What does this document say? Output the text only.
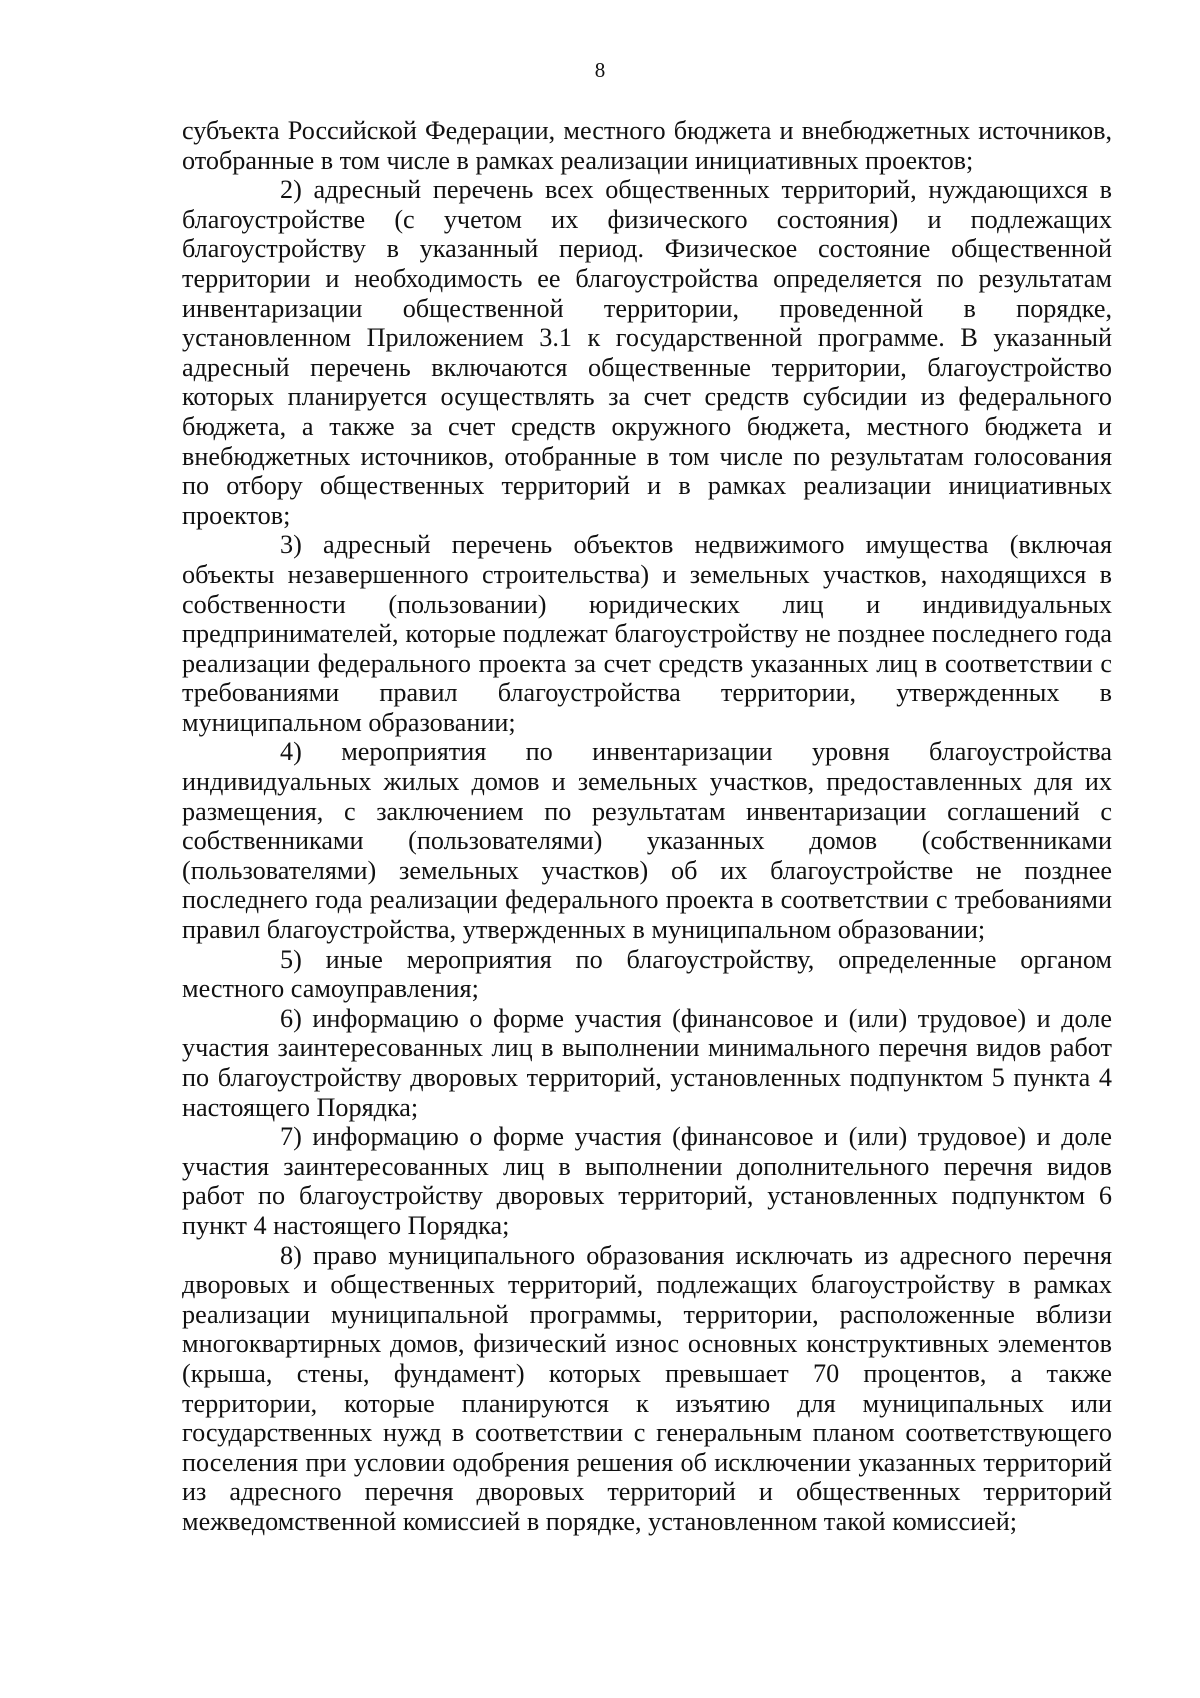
8

субъекта Российской Федерации, местного бюджета и внебюджетных источников, отобранные в том числе в рамках реализации инициативных проектов;

2) адресный перечень всех общественных территорий, нуждающихся в благоустройстве (с учетом их физического состояния) и подлежащих благоустройству в указанный период. Физическое состояние общественной территории и необходимость ее благоустройства определяется по результатам инвентаризации общественной территории, проведенной в порядке, установленном Приложением 3.1 к государственной программе. В указанный адресный перечень включаются общественные территории, благоустройство которых планируется осуществлять за счет средств субсидии из федерального бюджета, а также за счет средств окружного бюджета, местного бюджета и внебюджетных источников, отобранные в том числе по результатам голосования по отбору общественных территорий и в рамках реализации инициативных проектов;

3) адресный перечень объектов недвижимого имущества (включая объекты незавершенного строительства) и земельных участков, находящихся в собственности (пользовании) юридических лиц и индивидуальных предпринимателей, которые подлежат благоустройству не позднее последнего года реализации федерального проекта за счет средств указанных лиц в соответствии с требованиями правил благоустройства территории, утвержденных в муниципальном образовании;

4) мероприятия по инвентаризации уровня благоустройства индивидуальных жилых домов и земельных участков, предоставленных для их размещения, с заключением по результатам инвентаризации соглашений с собственниками (пользователями) указанных домов (собственниками (пользователями) земельных участков) об их благоустройстве не позднее последнего года реализации федерального проекта в соответствии с требованиями правил благоустройства, утвержденных в муниципальном образовании;

5) иные мероприятия по благоустройству, определенные органом местного самоуправления;

6) информацию о форме участия (финансовое и (или) трудовое) и доле участия заинтересованных лиц в выполнении минимального перечня видов работ по благоустройству дворовых территорий, установленных подпунктом 5 пункта 4 настоящего Порядка;

7) информацию о форме участия (финансовое и (или) трудовое) и доле участия заинтересованных лиц в выполнении дополнительного перечня видов работ по благоустройству дворовых территорий, установленных подпунктом 6 пункт 4 настоящего Порядка;

8) право муниципального образования исключать из адресного перечня дворовых и общественных территорий, подлежащих благоустройству в рамках реализации муниципальной программы, территории, расположенные вблизи многоквартирных домов, физический износ основных конструктивных элементов (крыша, стены, фундамент) которых превышает 70 процентов, а также территории, которые планируются к изъятию для муниципальных или государственных нужд в соответствии с генеральным планом соответствующего поселения при условии одобрения решения об исключении указанных территорий из адресного перечня дворовых территорий и общественных территорий межведомственной комиссией в порядке, установленном такой комиссией;
